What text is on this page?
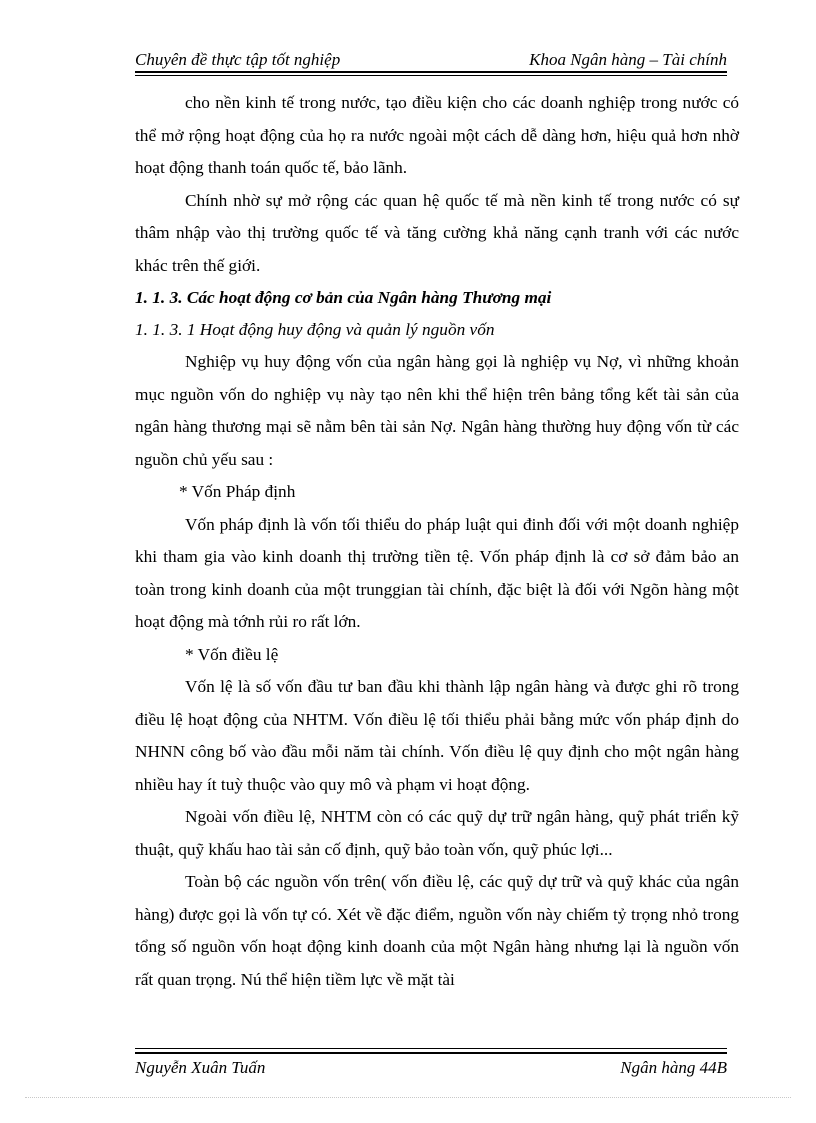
Chuyên đề thực tập tốt nghiệp	Khoa Ngân hàng – Tài chính

cho nền kinh tế trong nước, tạo điều kiện cho các doanh nghiệp trong nước có thể mở rộng hoạt động của họ ra nước ngoài một cách dễ dàng hơn, hiệu quả hơn nhờ hoạt động thanh toán quốc tế, bảo lãnh.

Chính nhờ sự mở rộng các quan hệ quốc tế mà nền kinh tế trong nước có sự thâm nhập vào thị trường quốc tế và tăng cường khả năng cạnh tranh với các nước khác trên thế giới.

1. 1. 3. Các hoạt động cơ bản của Ngân hàng Thương mại

1. 1. 3. 1 Hoạt động huy động và quản lý nguồn vốn

Nghiệp vụ huy động vốn của ngân hàng gọi là nghiệp vụ Nợ, vì những khoản mục nguồn vốn do nghiệp vụ này tạo nên khi thể hiện trên bảng tổng kết tài sản của ngân hàng thương mại sẽ nằm bên tài sản Nợ. Ngân hàng thường huy động vốn từ các nguồn chủ yếu sau :

* Vốn Pháp định

Vốn pháp định là vốn tối thiểu do pháp luật qui đinh đối với một doanh nghiệp khi tham gia vào kinh doanh thị trường tiền tệ. Vốn pháp định là cơ sở đảm bảo an toàn trong kinh doanh của một trunggian tài chính, đặc biệt là đối với Ngõn hàng một hoạt động mà tớnh rủi ro rất lớn.

* Vốn điều lệ

Vốn lệ là số vốn đầu tư ban đầu khi thành lập ngân hàng và được ghi rõ trong điều lệ hoạt động của NHTM. Vốn điều lệ tối thiểu phải bằng mức vốn pháp định do NHNN công bố vào đầu mỗi năm tài chính. Vốn điều lệ quy định cho một ngân hàng nhiều hay ít tuỳ thuộc vào quy mô và phạm vi hoạt động.

Ngoài vốn điều lệ, NHTM còn có các quỹ dự trữ ngân hàng, quỹ phát triển kỹ thuật, quỹ khấu hao tài sản cố định, quỹ bảo toàn vốn, quỹ phúc lợi...

Toàn bộ các nguồn vốn trên( vốn điều lệ, các quỹ dự trữ và quỹ khác của ngân hàng) được gọi là vốn tự có. Xét về đặc điểm, nguồn vốn này chiếm tỷ trọng nhỏ trong tổng số nguồn vốn hoạt động kinh doanh của một Ngân hàng nhưng lại là nguồn vốn rất quan trọng. Nú thể hiện tiềm lực về mặt tài

Nguyễn Xuân Tuấn	Ngân hàng 44B
